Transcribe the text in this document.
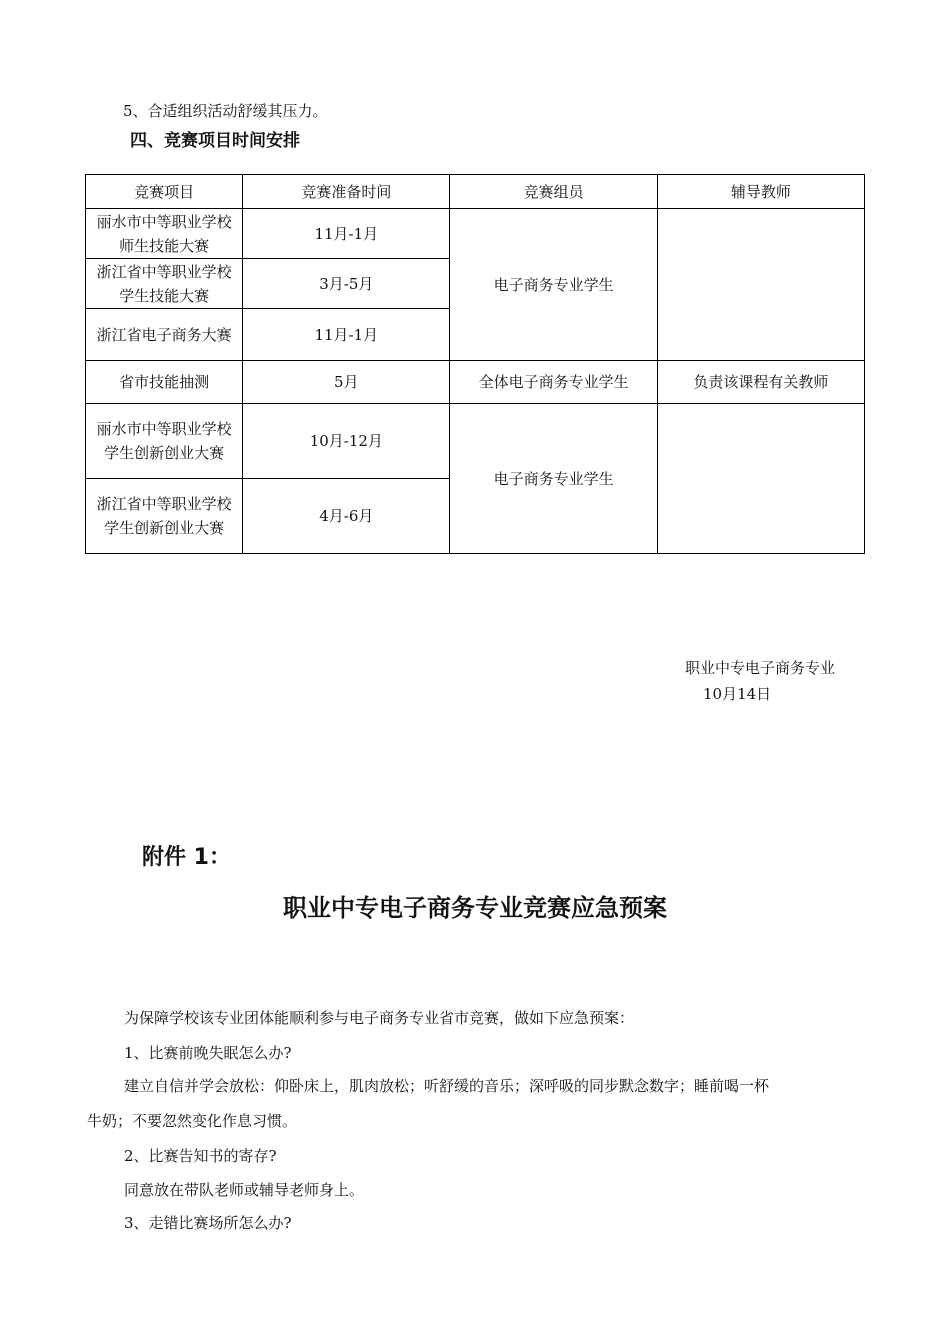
5、合适组织活动舒缓其压力。
四、竞赛项目时间安排
竞赛项目	竞赛准备时间	竞赛组员	辅导教师
丽水市中等职业学校师生技能大赛	11月-1月	电子商务专业学生	
浙江省中等职业学校学生技能大赛	3月-5月		
浙江省电子商务大赛	11月-1月		
省市技能抽测	5月	全体电子商务专业学生	负责该课程有关教师
丽水市中等职业学校学生创新创业大赛	10月-12月	电子商务专业学生	
浙江省中等职业学校学生创新创业大赛	4月-6月		
职业中专电子商务专业
10月14日
附件 1：
职业中专电子商务专业竞赛应急预案
为保障学校该专业团体能顺利参与电子商务专业省市竞赛，做如下应急预案：
1、比赛前晚失眠怎么办?
建立自信并学会放松：仰卧床上，肌肉放松；听舒缓的音乐；深呼吸的同步默念数字；睡前喝一杯
牛奶；不要忽然变化作息习惯。
2、比赛告知书的寄存?
同意放在带队老师或辅导老师身上。
3、走错比赛场所怎么办?
